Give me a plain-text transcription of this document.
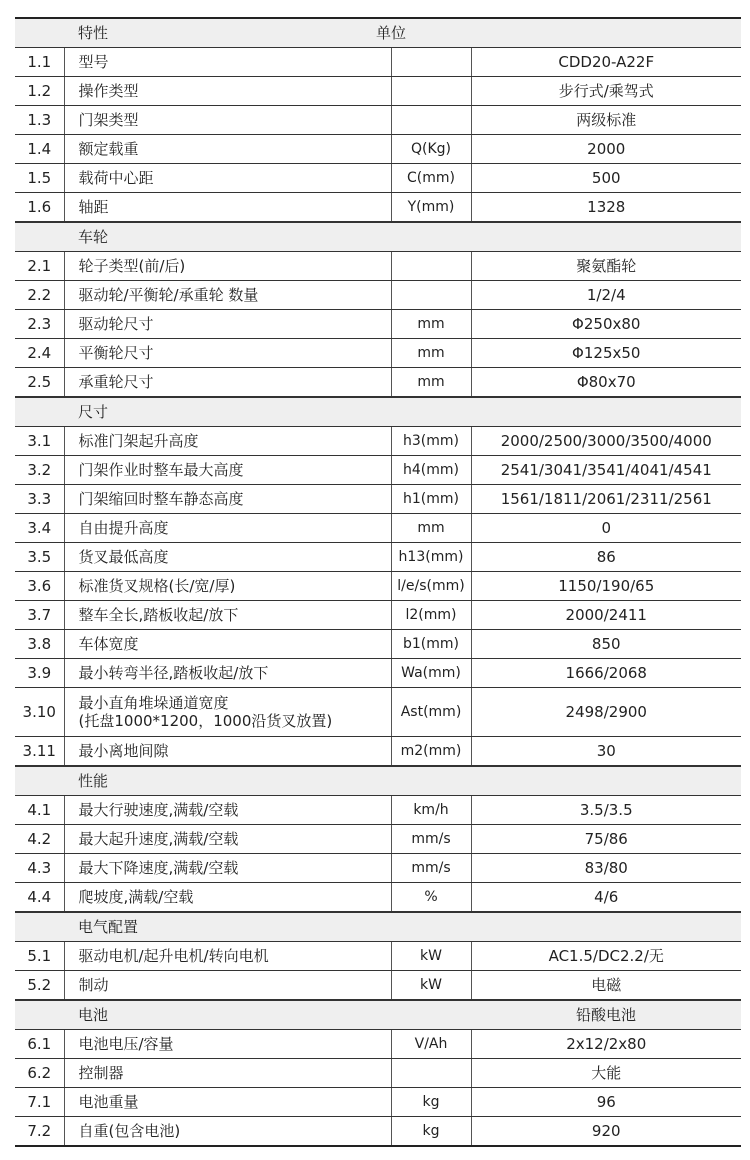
	特性	单位	

1.1	型号		CDD20-A22F
1.2	操作类型		步行式/乘驾式
1.3	门架类型		两级标准
1.4	额定载重	Q(Kg)	2000
1.5	载荷中心距	C(mm)	500
1.6	轴距	Y(mm)	1328
	车轮		
2.1	轮子类型(前/后)		聚氨酯轮
2.2	驱动轮/平衡轮/承重轮 数量		1/2/4
2.3	驱动轮尺寸	mm	Φ250x80
2.4	平衡轮尺寸	mm	Φ125x50
2.5	承重轮尺寸	mm	Φ80x70
	尺寸		
3.1	标准门架起升高度	h3(mm)	2000/2500/3000/3500/4000
3.2	门架作业时整车最大高度	h4(mm)	2541/3041/3541/4041/4541
3.3	门架缩回时整车静态高度	h1(mm)	1561/1811/2061/2311/2561
3.4	自由提升高度	mm	0
3.5	货叉最低高度	h13(mm)	86
3.6	标准货叉规格(长/宽/厚)	l/e/s(mm)	1150/190/65
3.7	整车全长,踏板收起/放下	l2(mm)	2000/2411
3.8	车体宽度	b1(mm)	850
3.9	最小转弯半径,踏板收起/放下	Wa(mm)	1666/2068
3.10	最小直角堆垛通道宽度
(托盘1000*1200，1000沿货叉放置)	Ast(mm)	2498/2900
3.11	最小离地间隙	m2(mm)	30
	性能		
4.1	最大行驶速度,满载/空载	km/h	3.5/3.5
4.2	最大起升速度,满载/空载	mm/s	75/86
4.3	最大下降速度,满载/空载	mm/s	83/80
4.4	爬坡度,满载/空载	%	4/6
	电气配置		
5.1	驱动电机/起升电机/转向电机	kW	AC1.5/DC2.2/无
5.2	制动	kW	电磁
	电池		铅酸电池
6.1	电池电压/容量	V/Ah	2x12/2x80
6.2	控制器		大能
7.1	电池重量	kg	96
7.2	自重(包含电池)	kg	920
